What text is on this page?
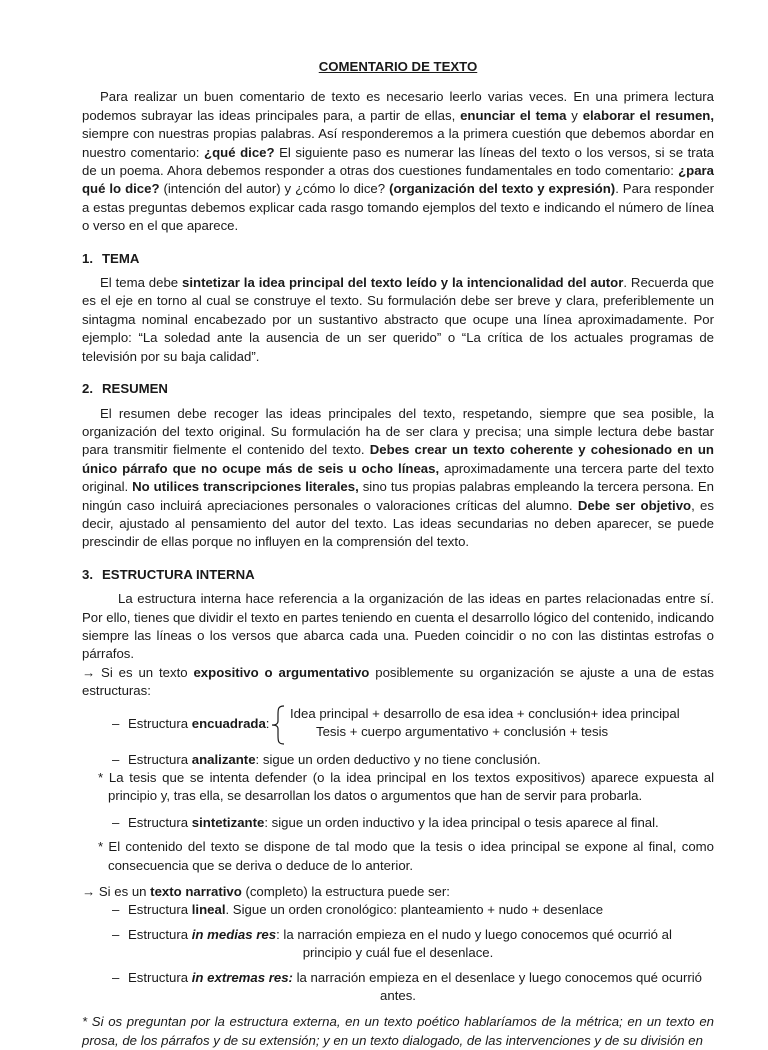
COMENTARIO DE TEXTO

Para realizar un buen comentario de texto es necesario leerlo varias veces. En una primera lectura podemos subrayar las ideas principales para, a partir de ellas, enunciar el tema y elaborar el resumen, siempre con nuestras propias palabras. Así responderemos a la primera cuestión que debemos abordar en nuestro comentario: ¿qué dice? El siguiente paso es numerar las líneas del texto o los versos, si se trata de un poema. Ahora debemos responder a otras dos cuestiones fundamentales en todo comentario: ¿para qué lo dice? (intención del autor) y ¿cómo lo dice? (organización del texto y expresión). Para responder a estas preguntas debemos explicar cada rasgo tomando ejemplos del texto e indicando el número de línea o verso en el que aparece.

1. TEMA

El tema debe sintetizar la idea principal del texto leído y la intencionalidad del autor. Recuerda que es el eje en torno al cual se construye el texto. Su formulación debe ser breve y clara, preferiblemente un sintagma nominal encabezado por un sustantivo abstracto que ocupe una línea aproximadamente. Por ejemplo: “La soledad ante la ausencia de un ser querido” o “La crítica de los actuales programas de televisión por su baja calidad”.

2. RESUMEN

El resumen debe recoger las ideas principales del texto, respetando, siempre que sea posible, la organización del texto original. Su formulación ha de ser clara y precisa; una simple lectura debe bastar para transmitir fielmente el contenido del texto. Debes crear un texto coherente y cohesionado en un único párrafo que no ocupe más de seis u ocho líneas, aproximadamente una tercera parte del texto original. No utilices transcripciones literales, sino tus propias palabras empleando la tercera persona. En ningún caso incluirá apreciaciones personales o valoraciones críticas del alumno. Debe ser objetivo, es decir, ajustado al pensamiento del autor del texto. Las ideas secundarias no deben aparecer, se puede prescindir de ellas porque no influyen en la comprensión del texto.

3. ESTRUCTURA INTERNA

La estructura interna hace referencia a la organización de las ideas en partes relacionadas entre sí. Por ello, tienes que dividir el texto en partes teniendo en cuenta el desarrollo lógico del contenido, indicando siempre las líneas o los versos que abarca cada una. Pueden coincidir o no con las distintas estrofas o párrafos.

→ Si es un texto expositivo o argumentativo posiblemente su organización se ajuste a una de estas estructuras:

– Estructura encuadrada:
Idea principal + desarrollo de esa idea + conclusión+ idea principal
Tesis + cuerpo argumentativo + conclusión + tesis
– Estructura analizante: sigue un orden deductivo y no tiene conclusión.

* La tesis que se intenta defender (o la idea principal en los textos expositivos) aparece expuesta al principio y, tras ella, se desarrollan los datos o argumentos que han de servir para probarla.

– Estructura sintetizante: sigue un orden inductivo y la idea principal o tesis aparece al final.

* El contenido del texto se dispone de tal modo que la tesis o idea principal se expone al final, como consecuencia que se deriva o deduce de lo anterior.

→ Si es un texto narrativo (completo) la estructura puede ser:

– Estructura lineal. Sigue un orden cronológico: planteamiento + nudo + desenlace
– Estructura in medias res: la narración empieza en el nudo y luego conocemos qué ocurrió al
principio y cuál fue el desenlace.
– Estructura in extremas res: la narración empieza en el desenlace y luego conocemos qué ocurrió
antes.

* Si os preguntan por la estructura externa, en un texto poético hablaríamos de la métrica; en un texto en prosa, de los párrafos y de su extensión; y en un texto dialogado, de las intervenciones y de su división en
